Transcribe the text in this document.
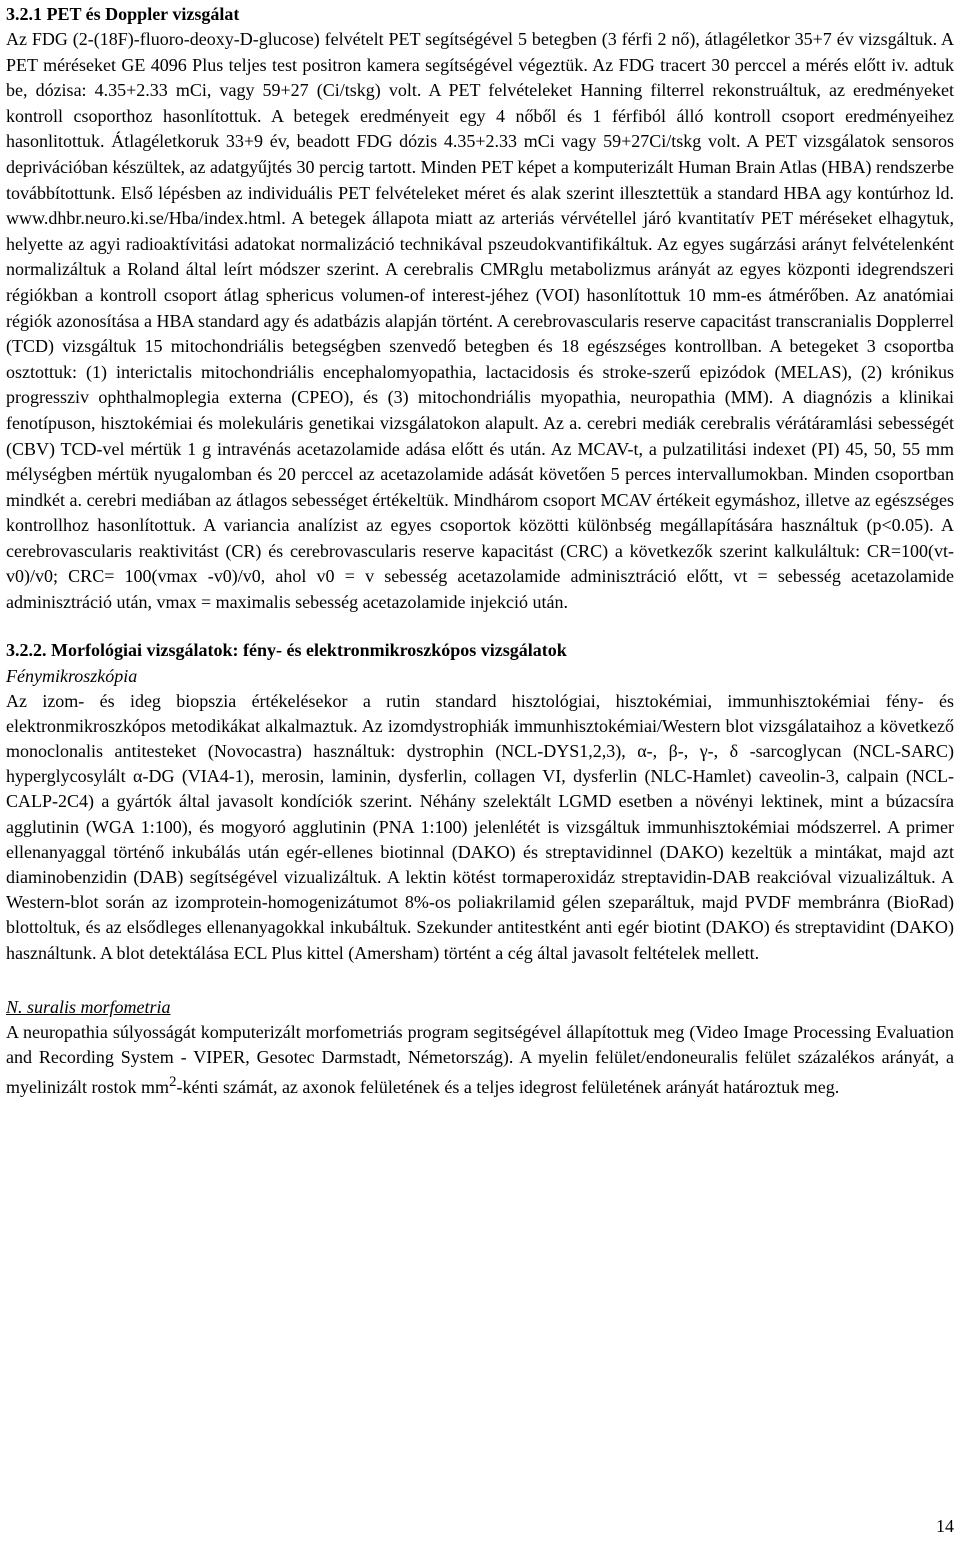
3.2.1 PET és Doppler vizsgálat

Az FDG (2-(18F)-fluoro-deoxy-D-glucose) felvételt PET segítségével 5 betegben (3 férfi 2 nő), átlagéletkor 35+7 év vizsgáltuk. A PET méréseket GE 4096 Plus teljes test positron kamera segítségével végeztük. Az FDG tracert 30 perccel a mérés előtt iv. adtuk be, dózisa: 4.35+2.33 mCi, vagy 59+27 (Ci/tskg) volt. A PET felvételeket Hanning filterrel rekonstruáltuk, az eredményeket kontroll csoporthoz hasonlítottuk. A betegek eredményeit egy 4 nőből és 1 férfiból álló kontroll csoport eredményeihez hasonlitottuk. Átlagéletkoruk 33+9 év, beadott FDG dózis 4.35+2.33 mCi vagy 59+27Ci/tskg volt. A PET vizsgálatok sensoros deprivációban készültek, az adatgyűjtés 30 percig tartott. Minden PET képet a komputerizált Human Brain Atlas (HBA) rendszerbe továbbítottunk. Első lépésben az individuális PET felvételeket méret és alak szerint illesztettük a standard HBA agy kontúrhoz ld. www.dhbr.neuro.ki.se/Hba/index.html. A betegek állapota miatt az arteriás vérvétellel járó kvantitatív PET méréseket elhagytuk, helyette az agyi radioaktívitási adatokat normalizáció technikával pszeudokvantifikáltuk. Az egyes sugárzási arányt felvételenként normalizáltuk a Roland által leírt módszer szerint. A cerebralis CMRglu metabolizmus arányát az egyes központi idegrendszeri régiókban a kontroll csoport átlag sphericus volumen-of interest-jéhez (VOI) hasonlítottuk 10 mm-es átmérőben. Az anatómiai régiók azonosítása a HBA standard agy és adatbázis alapján történt. A cerebrovascularis reserve capacitást transcranialis Dopplerrel (TCD) vizsgáltuk 15 mitochondriális betegségben szenvedő betegben és 18 egészséges kontrollban. A betegeket 3 csoportba osztottuk: (1) interictalis mitochondriális encephalomyopathia, lactacidosis és stroke-szerű epizódok (MELAS), (2) krónikus progressziv ophthalmoplegia externa (CPEO), és (3) mitochondriális myopathia, neuropathia (MM). A diagnózis a klinikai fenotípuson, hisztokémiai és molekuláris genetikai vizsgálatokon alapult. Az a. cerebri mediák cerebralis vérátáramlási sebességét (CBV) TCD-vel mértük 1 g intravénás acetazolamide adása előtt és után. Az MCAV-t, a pulzatilitási indexet (PI) 45, 50, 55 mm mélységben mértük nyugalomban és 20 perccel az acetazolamide adását követően 5 perces intervallumokban. Minden csoportban mindkét a. cerebri mediában az átlagos sebességet értékeltük. Mindhárom csoport MCAV értékeit egymáshoz, illetve az egészséges kontrollhoz hasonlítottuk. A variancia analízist az egyes csoportok közötti különbség megállapítására használtuk (p<0.05). A cerebrovascularis reaktivitást (CR) és cerebrovascularis reserve kapacitást (CRC) a következők szerint kalkuláltuk: CR=100(vt-v0)/v0; CRC= 100(vmax -v0)/v0, ahol v0 = v sebesség acetazolamide adminisztráció előtt, vt = sebesség acetazolamide adminisztráció után, vmax = maximalis sebesség acetazolamide injekció után.

3.2.2. Morfológiai vizsgálatok: fény- és elektronmikroszkópos vizsgálatok

Fénymikroszkópia

Az izom- és ideg biopszia értékelésekor a rutin standard hisztológiai, hisztokémiai, immunhisztokémiai fény- és elektronmikroszkópos metodikákat alkalmaztuk. Az izomdystrophiák immunhisztokémiai/Western blot vizsgálataihoz a következő monoclonalis antitesteket (Novocastra) használtuk: dystrophin (NCL-DYS1,2,3), α-, β-, γ-, δ -sarcoglycan (NCL-SARC) hyperglycosylált α-DG (VIA4-1), merosin, laminin, dysferlin, collagen VI, dysferlin (NLC-Hamlet) caveolin-3, calpain (NCL-CALP-2C4) a gyártók által javasolt kondíciók szerint. Néhány szelektált LGMD esetben a növényi lektinek, mint a búzacsíra agglutinin (WGA 1:100), és mogyoró agglutinin (PNA 1:100) jelenlétét is vizsgáltuk immunhisztokémiai módszerrel. A primer ellenanyaggal történő inkubálás után egér-ellenes biotinnal (DAKO) és streptavidinnel (DAKO) kezeltük a mintákat, majd azt diaminobenzidin (DAB) segítségével vizualizáltuk. A lektin kötést tormaperoxidáz streptavidin-DAB reakcióval vizualizáltuk. A Western-blot során az izomprotein-homogenizátumot 8%-os poliakrilamid gélen szeparáltuk, majd PVDF membránra (BioRad) blottoltuk, és az elsődleges ellenanyagokkal inkubáltuk. Szekunder antitestként anti egér biotint (DAKO) és streptavidint (DAKO) használtunk. A blot detektálása ECL Plus kittel (Amersham) történt a cég által javasolt feltételek mellett.

N. suralis morfometria

A neuropathia súlyosságát komputerizált morfometriás program segitségével állapítottuk meg (Video Image Processing Evaluation and Recording System - VIPER, Gesotec Darmstadt, Németország). A myelin felület/endoneuralis felület százalékos arányát, a myelinizált rostok $mm^2$-kénti számát, az axonok felületének és a teljes idegrost felületének arányát határoztuk meg.

14
